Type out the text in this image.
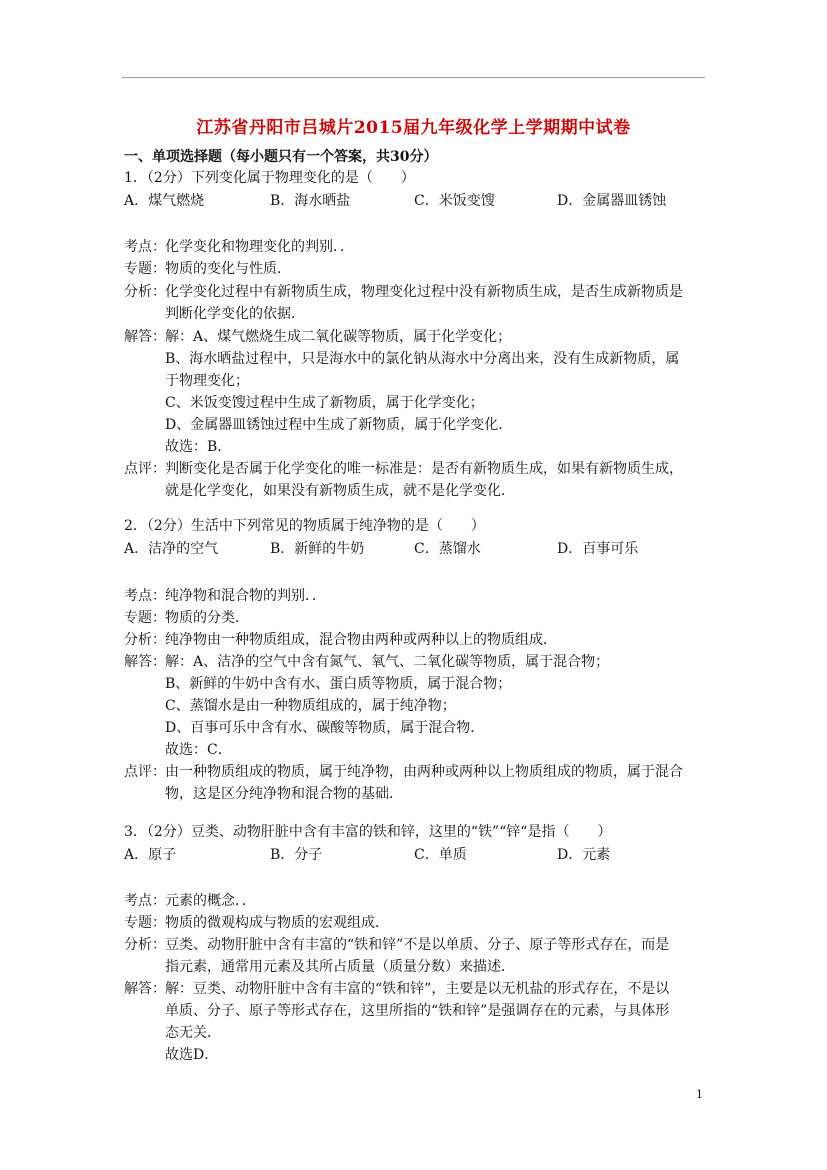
江苏省丹阳市吕城片2015届九年级化学上学期期中试卷
一、单项选择题（每小题只有一个答案，共30分）
1．（2分）下列变化属于物理变化的是（　　）
A．煤气燃烧	B．海水晒盐	C．米饭变馊	D．金属器皿锈蚀
考点： 化学变化和物理变化的判别．．
专题： 物质的变化与性质．
分析： 化学变化过程中有新物质生成，物理变化过程中没有新物质生成，是否生成新物质是
判断化学变化的依据．
解答： 解：A、煤气燃烧生成二氧化碳等物质，属于化学变化；
B、海水晒盐过程中，只是海水中的氯化钠从海水中分离出来，没有生成新物质，属
于物理变化；
C、米饭变馊过程中生成了新物质，属于化学变化；
D、金属器皿锈蚀过程中生成了新物质，属于化学变化．
故选：B．
点评： 判断变化是否属于化学变化的唯一标准是：是否有新物质生成，如果有新物质生成，
就是化学变化，如果没有新物质生成，就不是化学变化．
2．（2分）生活中下列常见的物质属于纯净物的是（　　）
A．洁净的空气	B．新鲜的牛奶	C．蒸馏水	D．百事可乐
考点： 纯净物和混合物的判别．．
专题： 物质的分类．
分析： 纯净物由一种物质组成，混合物由两种或两种以上的物质组成．
解答： 解：A、洁净的空气中含有氮气、氧气、二氧化碳等物质，属于混合物；
B、新鲜的牛奶中含有水、蛋白质等物质，属于混合物；
C、蒸馏水是由一种物质组成的，属于纯净物；
D、百事可乐中含有水、碳酸等物质，属于混合物．
故选：C．
点评： 由一种物质组成的物质，属于纯净物，由两种或两种以上物质组成的物质，属于混合
物，这是区分纯净物和混合物的基础．
3．（2分）豆类、动物肝脏中含有丰富的铁和锌，这里的“铁”“锌“是指（　　）
A．原子	B．分子	C．单质	D．元素
考点： 元素的概念．．
专题： 物质的微观构成与物质的宏观组成．
分析： 豆类、动物肝脏中含有丰富的“铁和锌”不是以单质、分子、原子等形式存在，而是
指元素，通常用元素及其所占质量（质量分数）来描述．
解答： 解：豆类、动物肝脏中含有丰富的“铁和锌”，主要是以无机盐的形式存在，不是以
单质、分子、原子等形式存在，这里所指的“铁和锌”是强调存在的元素，与具体形
态无关．
故选D．
1
